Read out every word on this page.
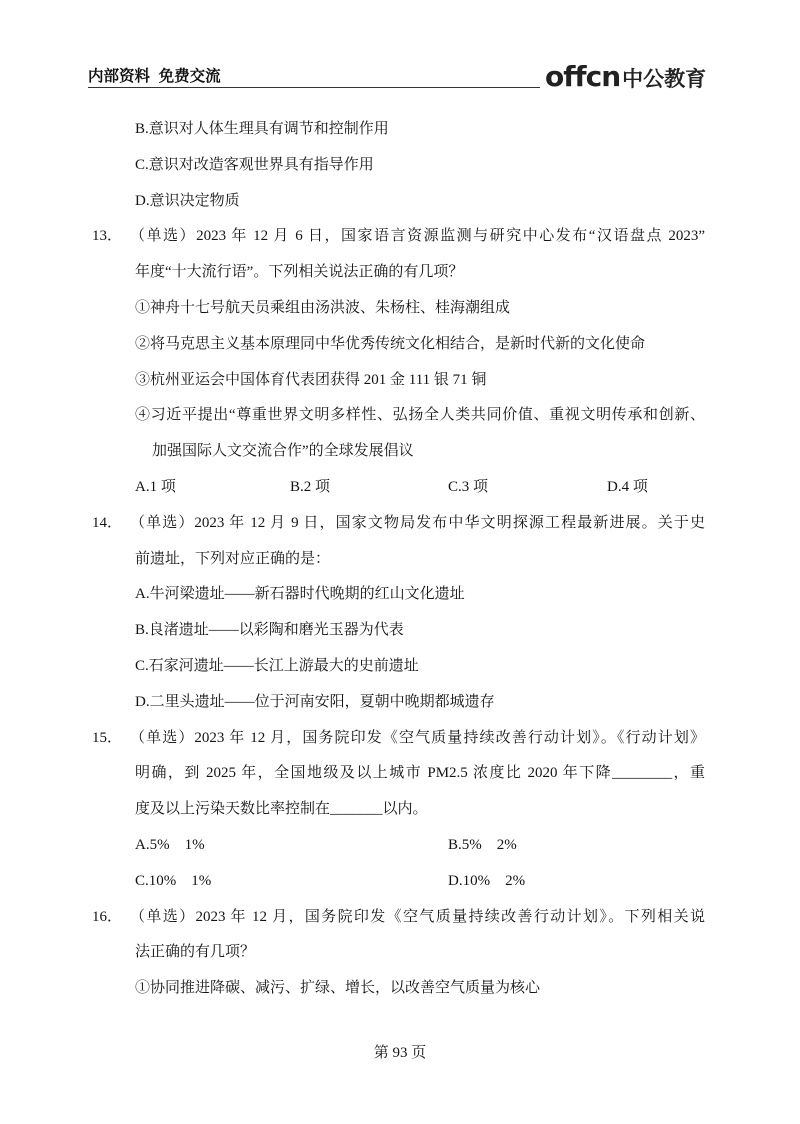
内部资料  免费交流	offcn 中公教育
B.意识对人体生理具有调节和控制作用
C.意识对改造客观世界具有指导作用
D.意识决定物质
13． （单选）2023 年 12 月 6 日，国家语言资源监测与研究中心发布“汉语盘点 2023”
年度“十大流行语”。下列相关说法正确的有几项？
①神舟十七号航天员乘组由汤洪波、朱杨柱、桂海潮组成
②将马克思主义基本原理同中华优秀传统文化相结合，是新时代新的文化使命
③杭州亚运会中国体育代表团获得 201 金 111 银 71 铜
④习近平提出“尊重世界文明多样性、弘扬全人类共同价值、重视文明传承和创新、
加强国际人文交流合作”的全球发展倡议
A.1 项	B.2 项	C.3 项	D.4 项
14． （单选）2023 年 12 月 9 日，国家文物局发布中华文明探源工程最新进展。关于史
前遗址，下列对应正确的是：
A.牛河梁遗址——新石器时代晚期的红山文化遗址
B.良渚遗址——以彩陶和磨光玉器为代表
C.石家河遗址——长江上游最大的史前遗址
D.二里头遗址——位于河南安阳，夏朝中晚期都城遗存
15． （单选）2023 年 12 月，国务院印发《空气质量持续改善行动计划》。《行动计划》
明确，到 2025 年，全国地级及以上城市 PM2.5 浓度比 2020 年下降________，重
度及以上污染天数比率控制在_______以内。
A.5%　1%	B.5%　2%
C.10%　1%	D.10%　2%
16． （单选）2023 年 12 月，国务院印发《空气质量持续改善行动计划》。下列相关说
法正确的有几项？
①协同推进降碳、减污、扩绿、增长，以改善空气质量为核心
第 93 页
